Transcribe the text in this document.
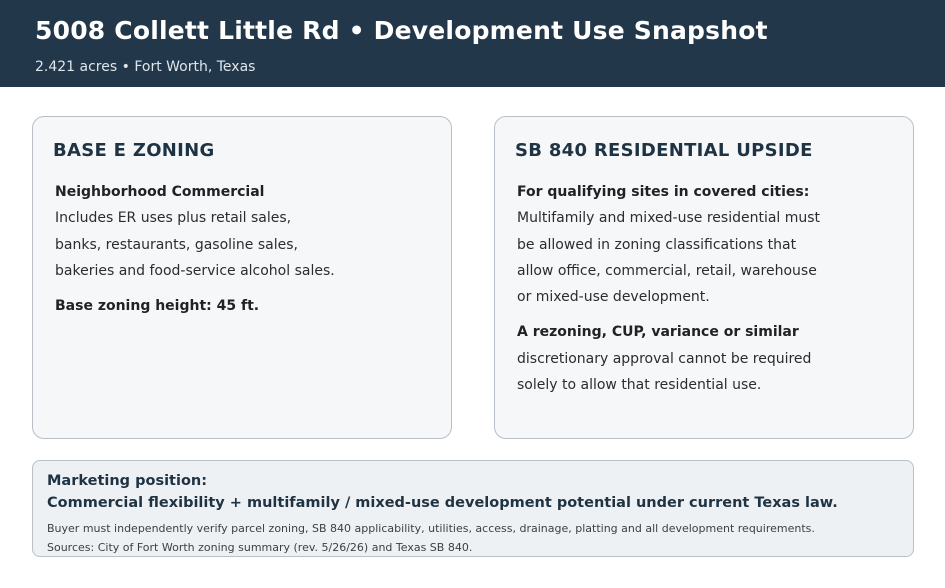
5008 Collett Little Rd • Development Use Snapshot
2.421 acres • Fort Worth, Texas
BASE E ZONING
Neighborhood Commercial
Includes ER uses plus retail sales,
banks, restaurants, gasoline sales,
bakeries and food-service alcohol sales.
Base zoning height: 45 ft.
SB 840 RESIDENTIAL UPSIDE
For qualifying sites in covered cities:
Multifamily and mixed-use residential must
be allowed in zoning classifications that
allow office, commercial, retail, warehouse
or mixed-use development.
A rezoning, CUP, variance or similar
discretionary approval cannot be required
solely to allow that residential use.
Marketing position:
Commercial flexibility + multifamily / mixed-use development potential under current Texas law.
Buyer must independently verify parcel zoning, SB 840 applicability, utilities, access, drainage, platting and all development requirements.
Sources: City of Fort Worth zoning summary (rev. 5/26/26) and Texas SB 840.
